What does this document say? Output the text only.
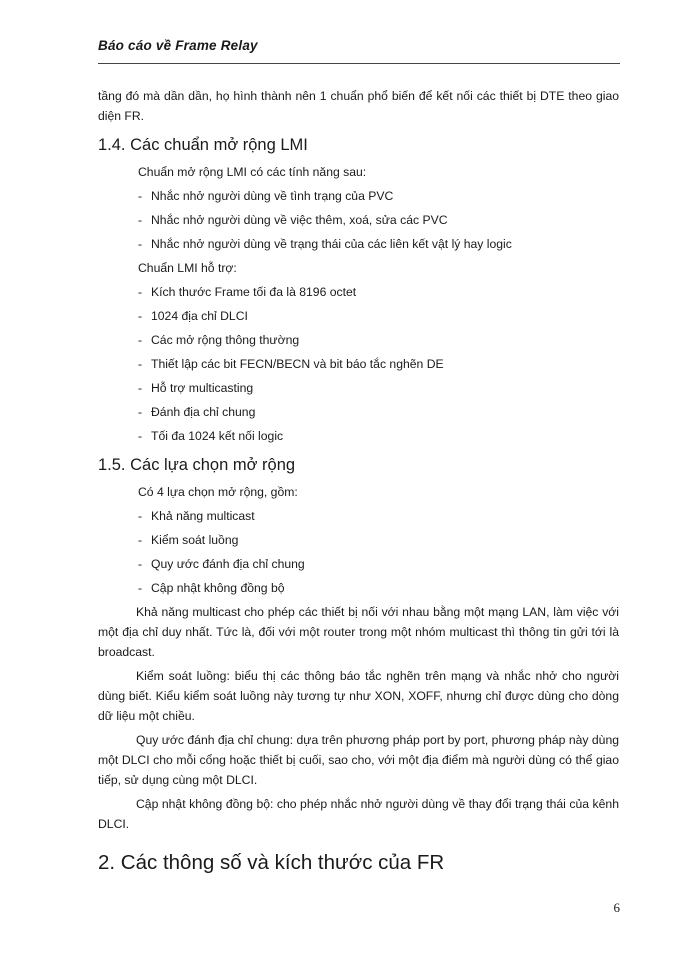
Báo cáo về Frame Relay

tầng đó mà dần dần, họ hình thành nên 1 chuẩn phổ biến để kết nối các thiết bị DTE theo giao diện FR.

1.4. Các chuẩn mở rộng LMI
Chuẩn mở rộng LMI có các tính năng sau:
- Nhắc nhở người dùng về tình trạng của PVC
- Nhắc nhở người dùng về việc thêm, xoá, sửa các PVC
- Nhắc nhở người dùng về trạng thái của các liên kết vật lý hay logic
Chuẩn LMI hỗ trợ:
- Kích thước Frame tối đa là 8196 octet
- 1024 địa chỉ DLCI
- Các mở rộng thông thường
- Thiết lập các bit FECN/BECN và bit báo tắc nghẽn DE
- Hỗ trợ multicasting
- Đánh địa chỉ chung
- Tối đa 1024 kết nối logic
1.5. Các lựa chọn mở rộng
Có 4 lựa chọn mở rộng, gồm:
- Khả năng multicast
- Kiểm soát luồng
- Quy ước đánh địa chỉ chung
- Cập nhật không đồng bộ

Khả năng multicast cho phép các thiết bị nối với nhau bằng một mạng LAN, làm việc với một địa chỉ duy nhất. Tức là, đối với một router trong một nhóm multicast thì thông tin gửi tới là broadcast.

Kiểm soát luồng: biểu thị các thông báo tắc nghẽn trên mạng và nhắc nhở cho người dùng biết. Kiểu kiểm soát luồng này tương tự như XON, XOFF, nhưng chỉ được dùng cho dòng dữ liệu một chiều.

Quy ước đánh địa chỉ chung: dựa trên phương pháp port by port, phương pháp này dùng một DLCI cho mỗi cổng hoặc thiết bị cuối, sao cho, với một địa điểm mà người dùng có thể giao tiếp, sử dụng cùng một DLCI.

Cập nhật không đồng bộ: cho phép nhắc nhở người dùng về thay đổi trạng thái của kênh DLCI.

2. Các thông số và kích thước của FR
6
